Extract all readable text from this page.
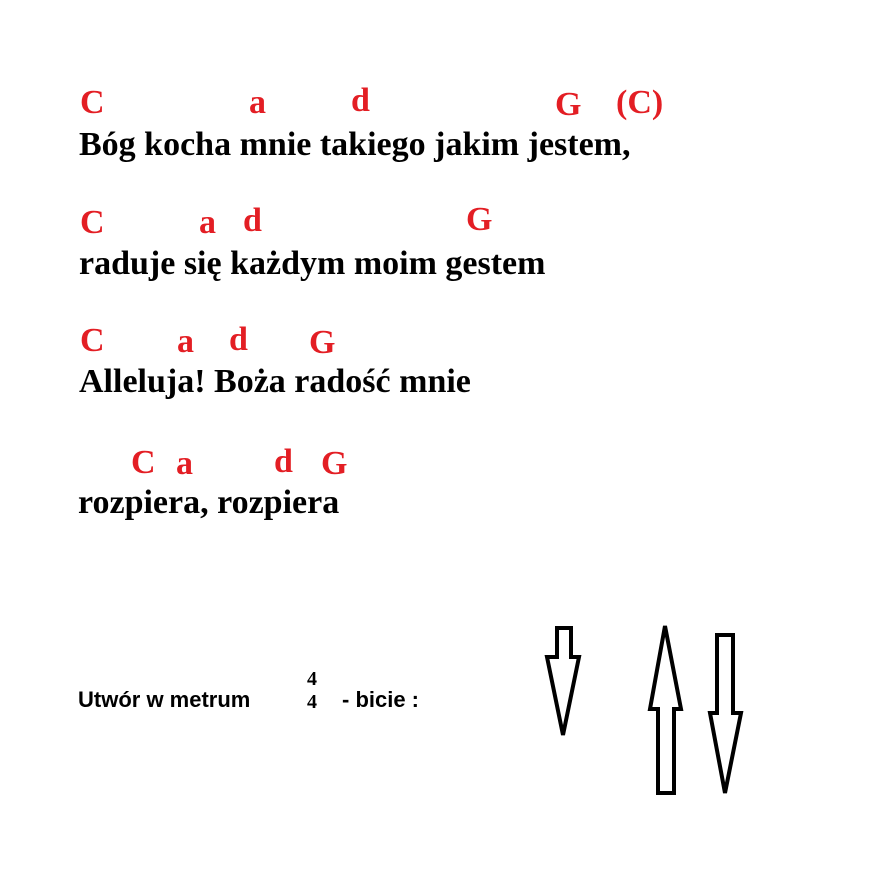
C	a	d	G (C)
Bóg kocha mnie takiego jakim jestem,
C	a d	G
raduje się każdym moim gestem
C a d G
Alleluja! Boża radość mnie
C a d G
rozpiera, rozpiera
Utwór w metrum
4
4 - bicie :
